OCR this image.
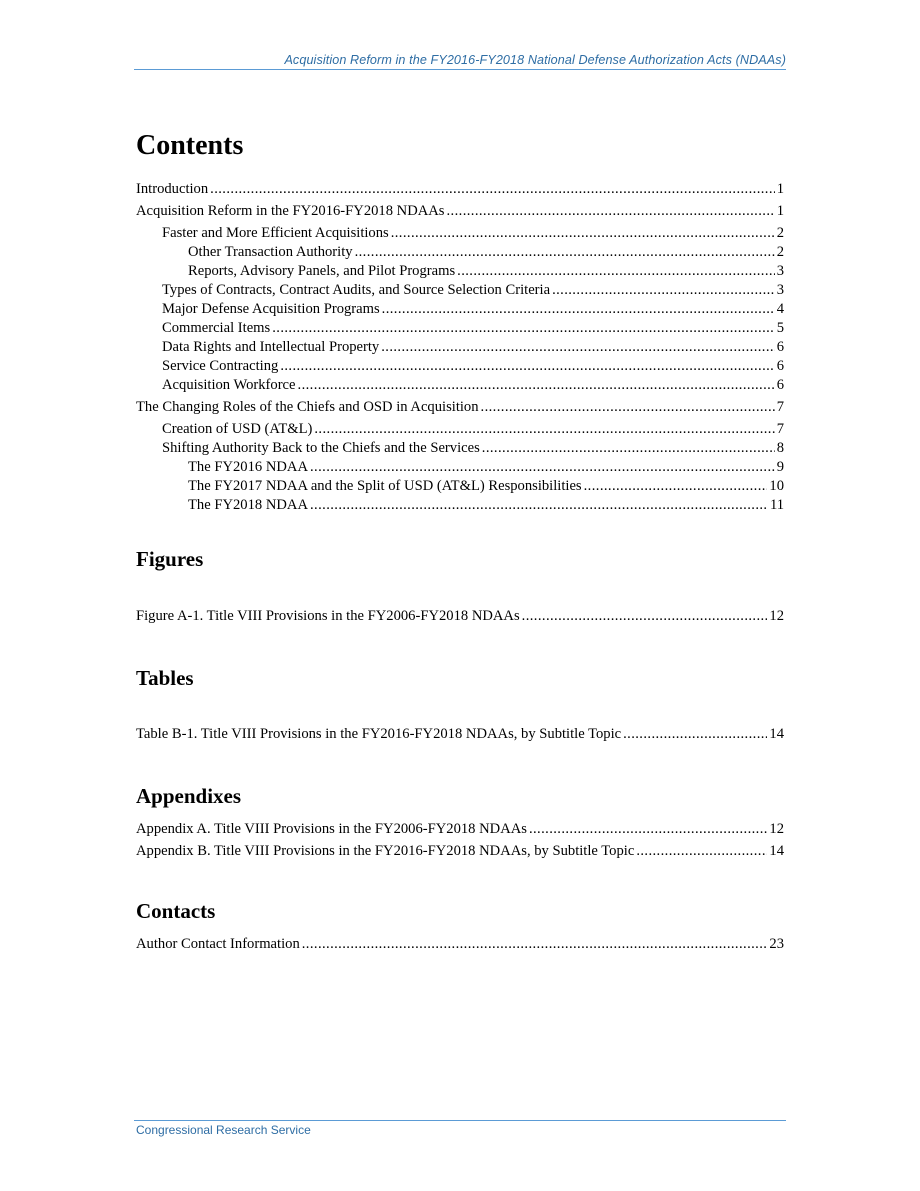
Acquisition Reform in the FY2016-FY2018 National Defense Authorization Acts (NDAAs)
Contents
Introduction .....	1
Acquisition Reform in the FY2016-FY2018 NDAAs .....	1
Faster and More Efficient Acquisitions .....	2
Other Transaction Authority .....	2
Reports, Advisory Panels, and Pilot Programs .....	3
Types of Contracts, Contract Audits, and Source Selection Criteria .....	3
Major Defense Acquisition Programs .....	4
Commercial Items .....	5
Data Rights and Intellectual Property .....	6
Service Contracting .....	6
Acquisition Workforce .....	6
The Changing Roles of the Chiefs and OSD in Acquisition .....	7
Creation of USD (AT&L) .....	7
Shifting Authority Back to the Chiefs and the Services .....	8
The FY2016 NDAA .....	9
The FY2017 NDAA and the Split of USD (AT&L) Responsibilities .....	10
The FY2018 NDAA .....	11
Figures
Figure A-1. Title VIII Provisions in the FY2006-FY2018 NDAAs .....	12
Tables
Table B-1. Title VIII Provisions in the FY2016-FY2018 NDAAs, by Subtitle Topic .....	14
Appendixes
Appendix A. Title VIII Provisions in the FY2006-FY2018 NDAAs .....	12
Appendix B. Title VIII Provisions in the FY2016-FY2018 NDAAs, by Subtitle Topic .....	14
Contacts
Author Contact Information .....	23
Congressional Research Service
